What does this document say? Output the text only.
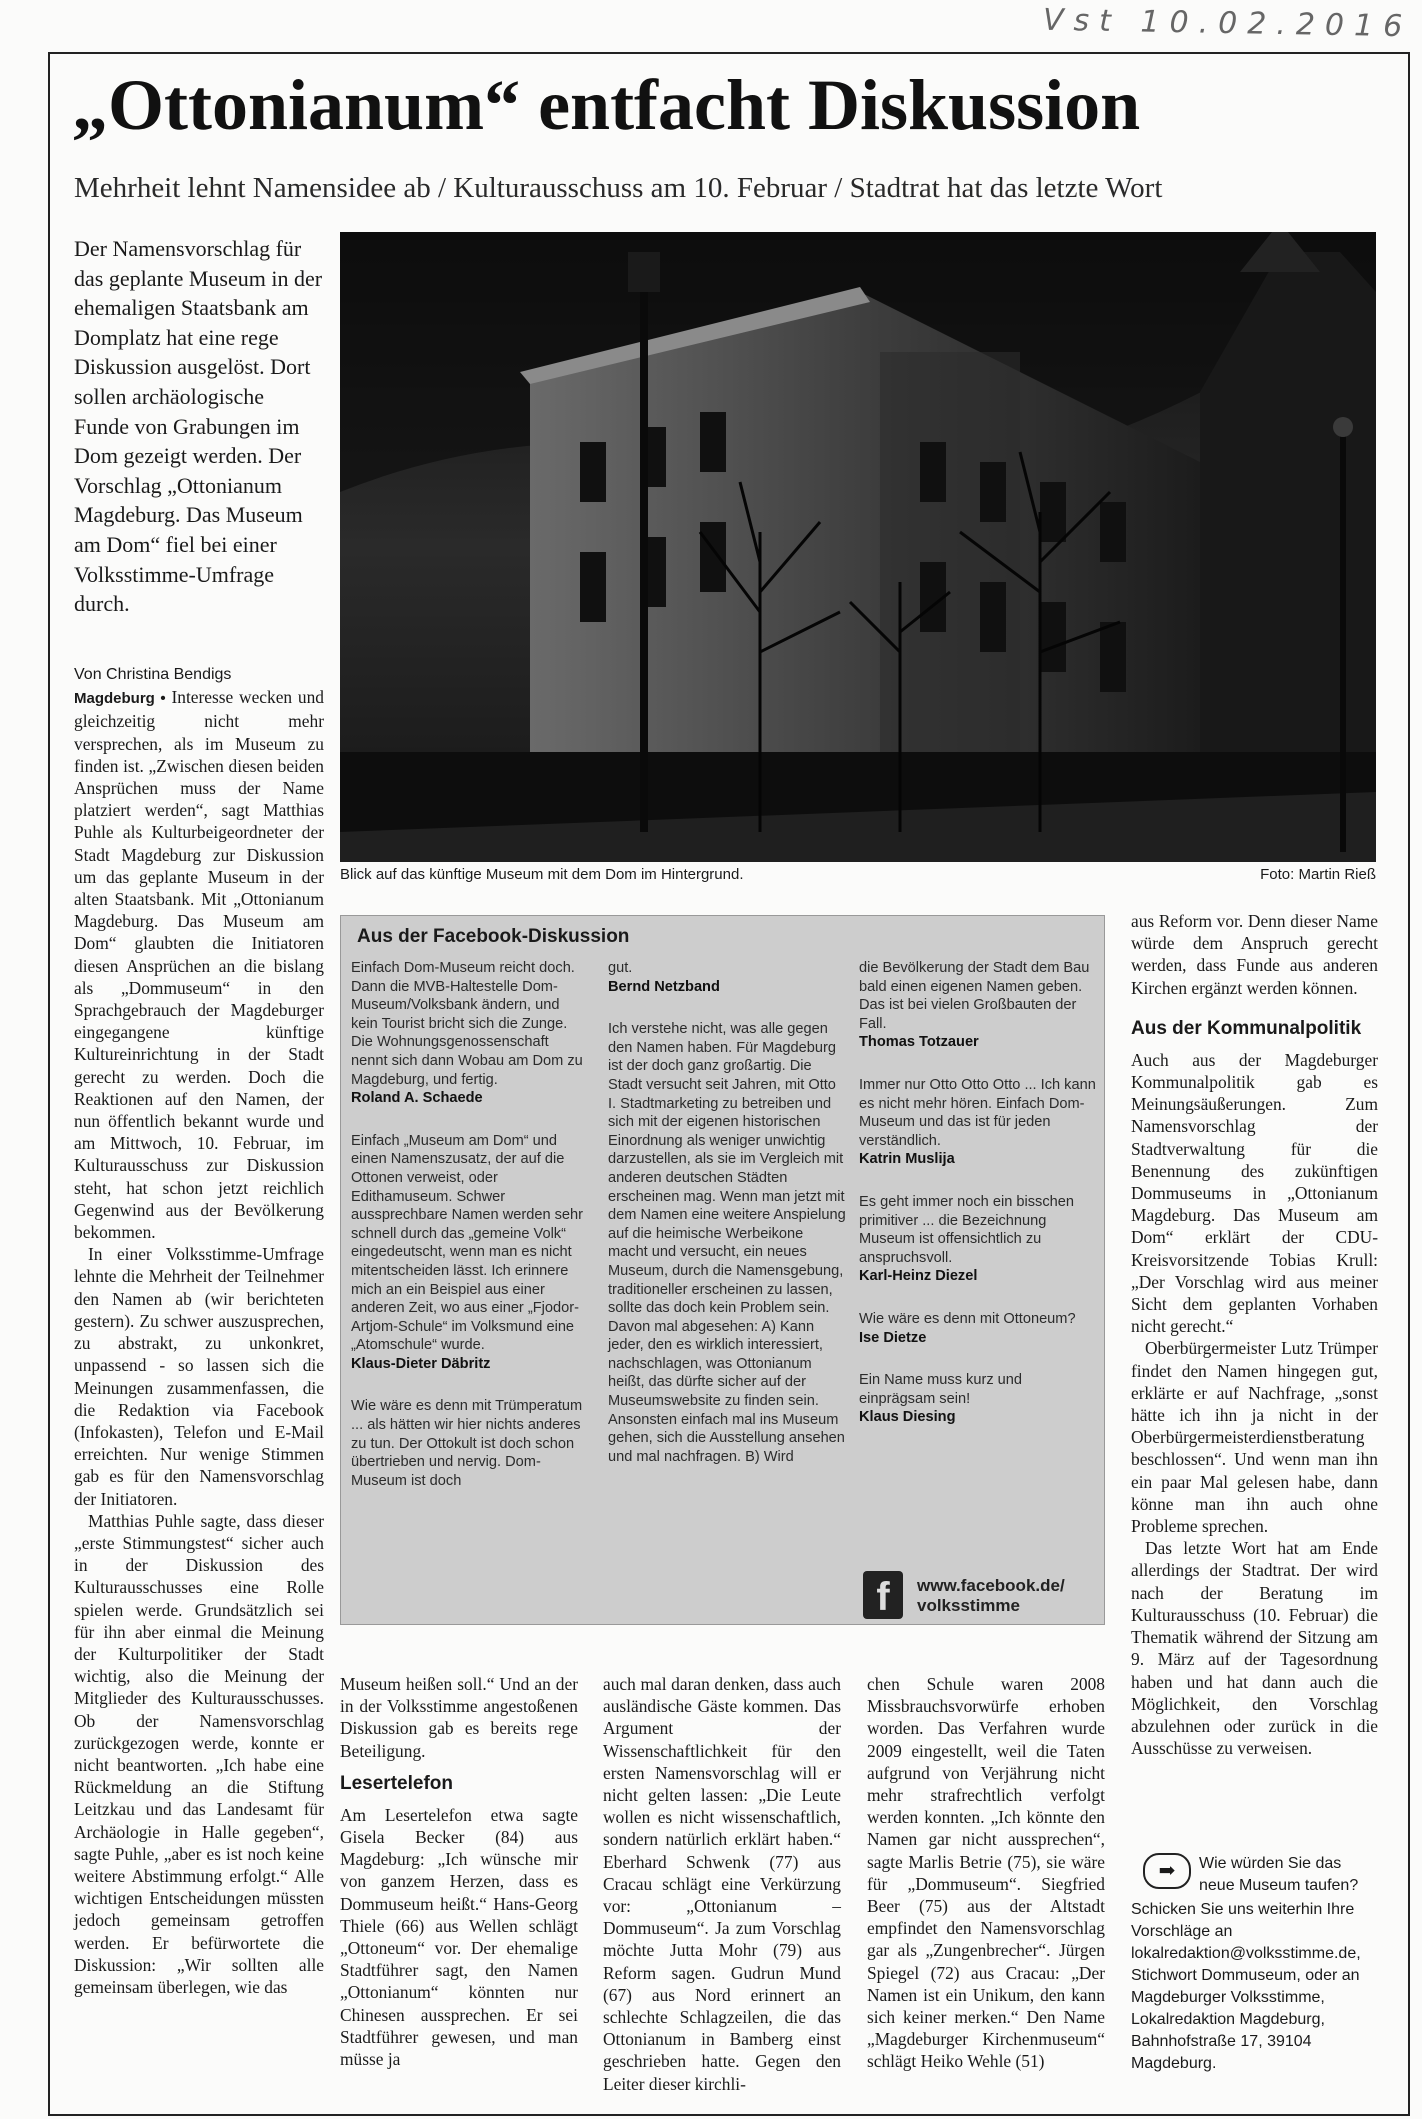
Vst 10.02.2016
„Ottonianum“ entfacht Diskussion
Mehrheit lehnt Namensidee ab / Kulturausschuss am 10. Februar / Stadtrat hat das letzte Wort
Der Namensvorschlag für das geplante Museum in der ehemaligen Staatsbank am Domplatz hat eine rege Diskussion ausgelöst. Dort sollen archäologische Funde von Grabungen im Dom gezeigt werden. Der Vorschlag „Ottonianum Magdeburg. Das Museum am Dom“ fiel bei einer Volksstimme-Umfrage durch.
Von Christina Bendigs

Magdeburg • Interesse wecken und gleichzeitig nicht mehr versprechen, als im Museum zu finden ist. „Zwischen diesen beiden Ansprüchen muss der Name platziert werden“, sagt Matthias Puhle als Kulturbeigeordneter der Stadt Magdeburg zur Diskussion um das geplante Museum in der alten Staatsbank. Mit „Ottonianum Magdeburg. Das Museum am Dom“ glaubten die Initiatoren diesen Ansprüchen an die bislang als „Dommuseum“ in den Sprachgebrauch der Magdeburger eingegangene künftige Kultureinrichtung in der Stadt gerecht zu werden. Doch die Reaktionen auf den Namen, der nun öffentlich bekannt wurde und am Mittwoch, 10. Februar, im Kulturausschuss zur Diskussion steht, hat schon jetzt reichlich Gegenwind aus der Bevölkerung bekommen.

In einer Volksstimme-Umfrage lehnte die Mehrheit der Teilnehmer den Namen ab (wir berichteten gestern). Zu schwer auszusprechen, zu abstrakt, zu unkonkret, unpassend - so lassen sich die Meinungen zusammenfassen, die die Redaktion via Facebook (Infokasten), Telefon und E-Mail erreichten. Nur wenige Stimmen gab es für den Namensvorschlag der Initiatoren.

Matthias Puhle sagte, dass dieser „erste Stimmungstest“ sicher auch in der Diskussion des Kulturausschusses eine Rolle spielen werde. Grundsätzlich sei für ihn aber einmal die Meinung der Kulturpolitiker der Stadt wichtig, also die Meinung der Mitglieder des Kulturausschusses. Ob der Namensvorschlag zurückgezogen werde, konnte er nicht beantworten. „Ich habe eine Rückmeldung an die Stiftung Leitzkau und das Landesamt für Archäologie in Halle gegeben“, sagte Puhle, „aber es ist noch keine weitere Abstimmung erfolgt.“ Alle wichtigen Entscheidungen müssten jedoch gemeinsam getroffen werden. Er befürwortete die Diskussion: „Wir sollten alle gemeinsam überlegen, wie das

Blick auf das künftige Museum mit dem Dom im Hintergrund.	Foto: Martin Rieß
Aus der Facebook-Diskussion

Einfach Dom-Museum reicht doch. Dann die MVB-Haltestelle Dom-Museum/Volksbank ändern, und kein Tourist bricht sich die Zunge. Die Wohnungsgenossenschaft nennt sich dann Wobau am Dom zu Magdeburg, und fertig.

Roland A. Schaede

Einfach „Museum am Dom“ und einen Namenszusatz, der auf die Ottonen verweist, oder Edithamuseum. Schwer aussprechbare Namen werden sehr schnell durch das „gemeine Volk“ eingedeutscht, wenn man es nicht mitentscheiden lässt. Ich erinnere mich an ein Beispiel aus einer anderen Zeit, wo aus einer „Fjodor-Artjom-Schule“ im Volksmund eine „Atomschule“ wurde.

Klaus-Dieter Däbritz

Wie wäre es denn mit Trümperatum ... als hätten wir hier nichts anderes zu tun. Der Ottokult ist doch schon übertrieben und nervig. Dom-Museum ist doch

gut.

Bernd Netzband

Ich verstehe nicht, was alle gegen den Namen haben. Für Magdeburg ist der doch ganz großartig. Die Stadt versucht seit Jahren, mit Otto I. Stadtmarketing zu betreiben und sich mit der eigenen historischen Einordnung als weniger unwichtig darzustellen, als sie im Vergleich mit anderen deutschen Städten erscheinen mag. Wenn man jetzt mit dem Namen eine weitere Anspielung auf die heimische Werbeikone macht und versucht, ein neues Museum, durch die Namensgebung, traditioneller erscheinen zu lassen, sollte das doch kein Problem sein. Davon mal abgesehen: A) Kann jeder, den es wirklich interessiert, nachschlagen, was Ottonianum heißt, das dürfte sicher auf der Museumswebsite zu finden sein. Ansonsten einfach mal ins Museum gehen, sich die Ausstellung ansehen und mal nachfragen. B) Wird

die Bevölkerung der Stadt dem Bau bald einen eigenen Namen geben. Das ist bei vielen Großbauten der Fall.

Thomas Totzauer

Immer nur Otto Otto Otto ... Ich kann es nicht mehr hören. Einfach Dom-Museum und das ist für jeden verständlich.

Katrin Muslija

Es geht immer noch ein bisschen primitiver ... die Bezeichnung Museum ist offensichtlich zu anspruchsvoll.

Karl-Heinz Diezel

Wie wäre es denn mit Ottoneum?

Ise Dietze

Ein Name muss kurz und einprägsam sein!

Klaus Diesing

f	www.facebook.de/ volksstimme

Museum heißen soll.“ Und an der in der Volksstimme angestoßenen Diskussion gab es bereits rege Beteiligung.

Lesertelefon

Am Lesertelefon etwa sagte Gisela Becker (84) aus Magdeburg: „Ich wünsche mir von ganzem Herzen, dass es Dommuseum heißt.“ Hans-Georg Thiele (66) aus Wellen schlägt „Ottoneum“ vor. Der ehemalige Stadtführer sagt, den Namen „Ottonianum“ könnten nur Chinesen aussprechen. Er sei Stadtführer gewesen, und man müsse ja

auch mal daran denken, dass auch ausländische Gäste kommen. Das Argument der Wissenschaftlichkeit für den ersten Namensvorschlag will er nicht gelten lassen: „Die Leute wollen es nicht wissenschaftlich, sondern natürlich erklärt haben.“ Eberhard Schwenk (77) aus Cracau schlägt eine Verkürzung vor: „Ottonianum – Dommuseum“. Ja zum Vorschlag möchte Jutta Mohr (79) aus Reform sagen. Gudrun Mund (67) aus Nord erinnert an schlechte Schlagzeilen, die das Ottonianum in Bamberg einst geschrieben hatte. Gegen den Leiter dieser kirchli-

chen Schule waren 2008 Missbrauchsvorwürfe erhoben worden. Das Verfahren wurde 2009 eingestellt, weil die Taten aufgrund von Verjährung nicht mehr strafrechtlich verfolgt werden konnten. „Ich könnte den Namen gar nicht aussprechen“, sagte Marlis Betrie (75), sie wäre für „Dommuseum“. Siegfried Beer (75) aus der Altstadt empfindet den Namensvorschlag gar als „Zungenbrecher“. Jürgen Spiegel (72) aus Cracau: „Der Namen ist ein Unikum, den kann sich keiner merken.“ Den Name „Magdeburger Kirchenmuseum“ schlägt Heiko Wehle (51)

aus Reform vor. Denn dieser Name würde dem Anspruch gerecht werden, dass Funde aus anderen Kirchen ergänzt werden können.

Aus der Kommunalpolitik

Auch aus der Magdeburger Kommunalpolitik gab es Meinungsäußerungen. Zum Namensvorschlag der Stadtverwaltung für die Benennung des zukünftigen Dommuseums in „Ottonianum Magdeburg. Das Museum am Dom“ erklärt der CDU-Kreisvorsitzende Tobias Krull: „Der Vorschlag wird aus meiner Sicht dem geplanten Vorhaben nicht gerecht.“

Oberbürgermeister Lutz Trümper findet den Namen hingegen gut, erklärte er auf Nachfrage, „sonst hätte ich ihn ja nicht in der Oberbürgermeisterdienstberatung beschlossen“. Und wenn man ihn ein paar Mal gelesen habe, dann könne man ihn auch ohne Probleme sprechen.

Das letzte Wort hat am Ende allerdings der Stadtrat. Der wird nach der Beratung im Kulturausschuss (10. Februar) die Thematik während der Sitzung am 9. März auf der Tagesordnung haben und hat dann auch die Möglichkeit, den Vorschlag abzulehnen oder zurück in die Ausschüsse zu verweisen.

➡	Wie würden Sie das neue Museum taufen?
Schicken Sie uns weiterhin Ihre Vorschläge an lokalredaktion@volksstimme.de, Stichwort Dommuseum, oder an Magdeburger Volksstimme, Lokalredaktion Magdeburg, Bahnhofstraße 17, 39104 Magdeburg.
